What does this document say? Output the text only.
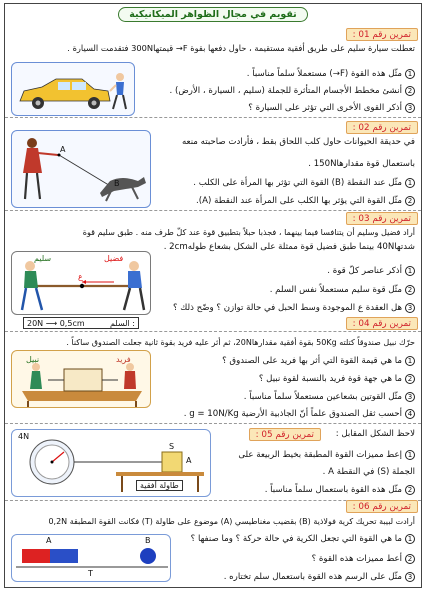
تقويم في مجال الظواهر الميكانيكية
تمرين رقم 01 :
تعطلت سيارة سليم على طريق أفقية مستقيمة ، حاول دفعها بقوة F→ قيمتها300N فتقدمت السيارة .
1مثّل هذه القوة (F→) مستعملاً سلماً مناسباً .
2أنشئ مخطط الأجسام المتأثرة للجملة (سليم ، السيارة ، الأرض) .
3أذكر القوى الأخرى التي تؤثر على السيارة ؟
تمرين رقم 02 :
في حديقة الحيوانات حاول كلب اللحاق بقط ، فأرادت صاحبته منعه
باستعمال قوة مقدارها150N .
1مثّل عند النقطة (B) القوة التي تؤثر بها المرأة على الكلب .
2مثّل القوة التي يؤثر بها الكلب على المرأة عند النقطة (A).
A
B
تمرين رقم 03 :
أراد فضيل وسليم أن يتنافسا فيما بينهما ، فجذبا حبلاً بتطبيق قوة عند كلّ طرف منه . طبق سليم قوة
شدتها40N بينما طبق فضيل قوة ممثلة على الشكل بشعاع طوله2cm .
1أذكر عناصر كلّ قوة .
2مثّل قوة سليم مستعملاً نفس السلم .
3هل العقدة ع الموجودة وسط الحبل في حالة توازن ؟ وضّح ذلك ؟
سليم	فضيل
ع
20N ⟶ 0,5cm	السلم :	تمرين رقم 04 :
حرّك نبيل صندوقاً كتلته 50Kg بقوة أفقية مقدارها20N، ثم أثر عليه فريد بقوة ثانية جعلت الصندوق ساكناً .
1ما هي قيمة القوة التي أثر بها فريد على الصندوق ؟
2ما هي جهة قوة فريد بالنسبة لقوة نبيل ؟
3مثّل القوتين بشعاعين مستعملاً سلماً مناسباً .
4أحسب ثقل الصندوق علماً أنّ الجاذبية الأرضية g = 10N/Kg .
فريد
نبيل
تمرين رقم 05 :	لاحظ الشكل المقابل :
1إعط مميزات القوة المطبقة بخيط الربيعة على
الجملة (S) في النقطة A .
2مثّل هذه القوة باستعمال سلماً مناسباً .
4N
S
A
طاولة أفقية
تمرين رقم 06 :
أرادت لبيبة تحريك كرية فولاذية (B) بقضيب مغناطيسي (A) موضوع على طاولة (T) فكانت القوة المطبقة 0,2N
1ما هي القوة التي تجعل الكرية في حالة حركة ؟ وما صنفها ؟
2أعط مميزات هذه القوة ؟
3مثّل على الرسم هذه القوة باستعمال سلم تختاره .
A	B
T
